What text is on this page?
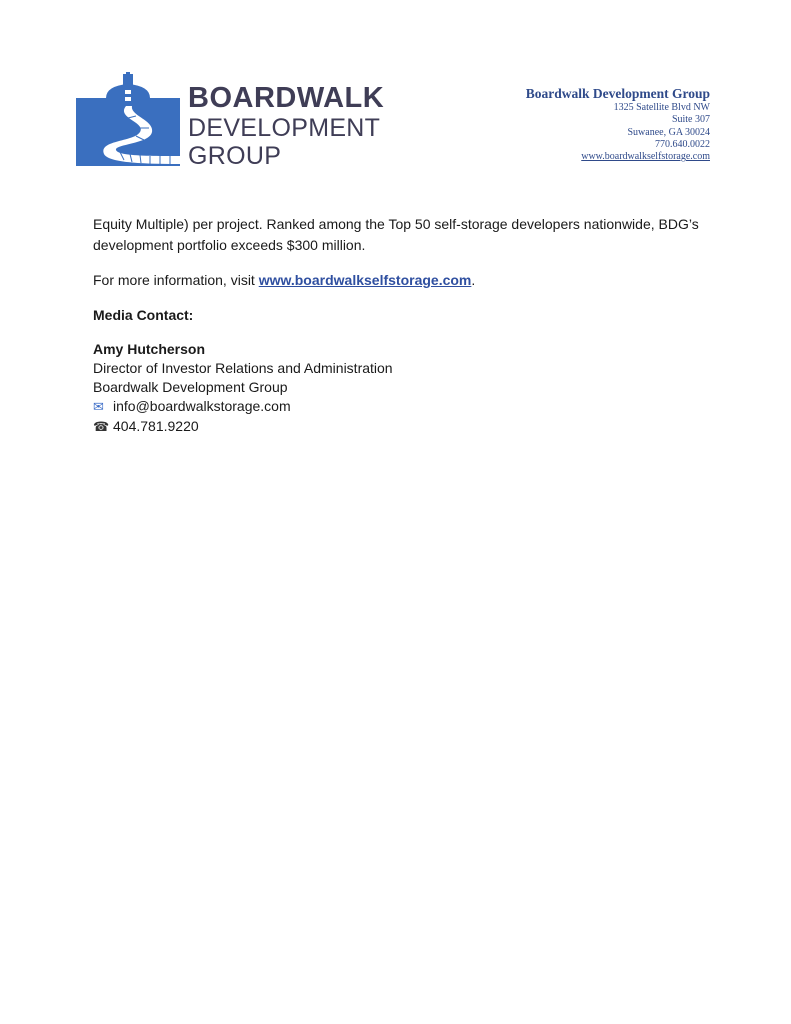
BOARDWALK
DEVELOPMENT
GROUP
Boardwalk Development Group
1325 Satellite Blvd NW
Suite 307
Suwanee, GA 30024
770.640.0022
www.boardwalkselfstorage.com

Equity Multiple) per project. Ranked among the Top 50 self-storage developers nationwide, BDG’s development portfolio exceeds $300 million.

For more information, visit www.boardwalkselfstorage.com.

Media Contact:

Amy Hutcherson

Director of Investor Relations and Administration

Boardwalk Development Group

✉ info@boardwalkstorage.com

☎ 404.781.9220
